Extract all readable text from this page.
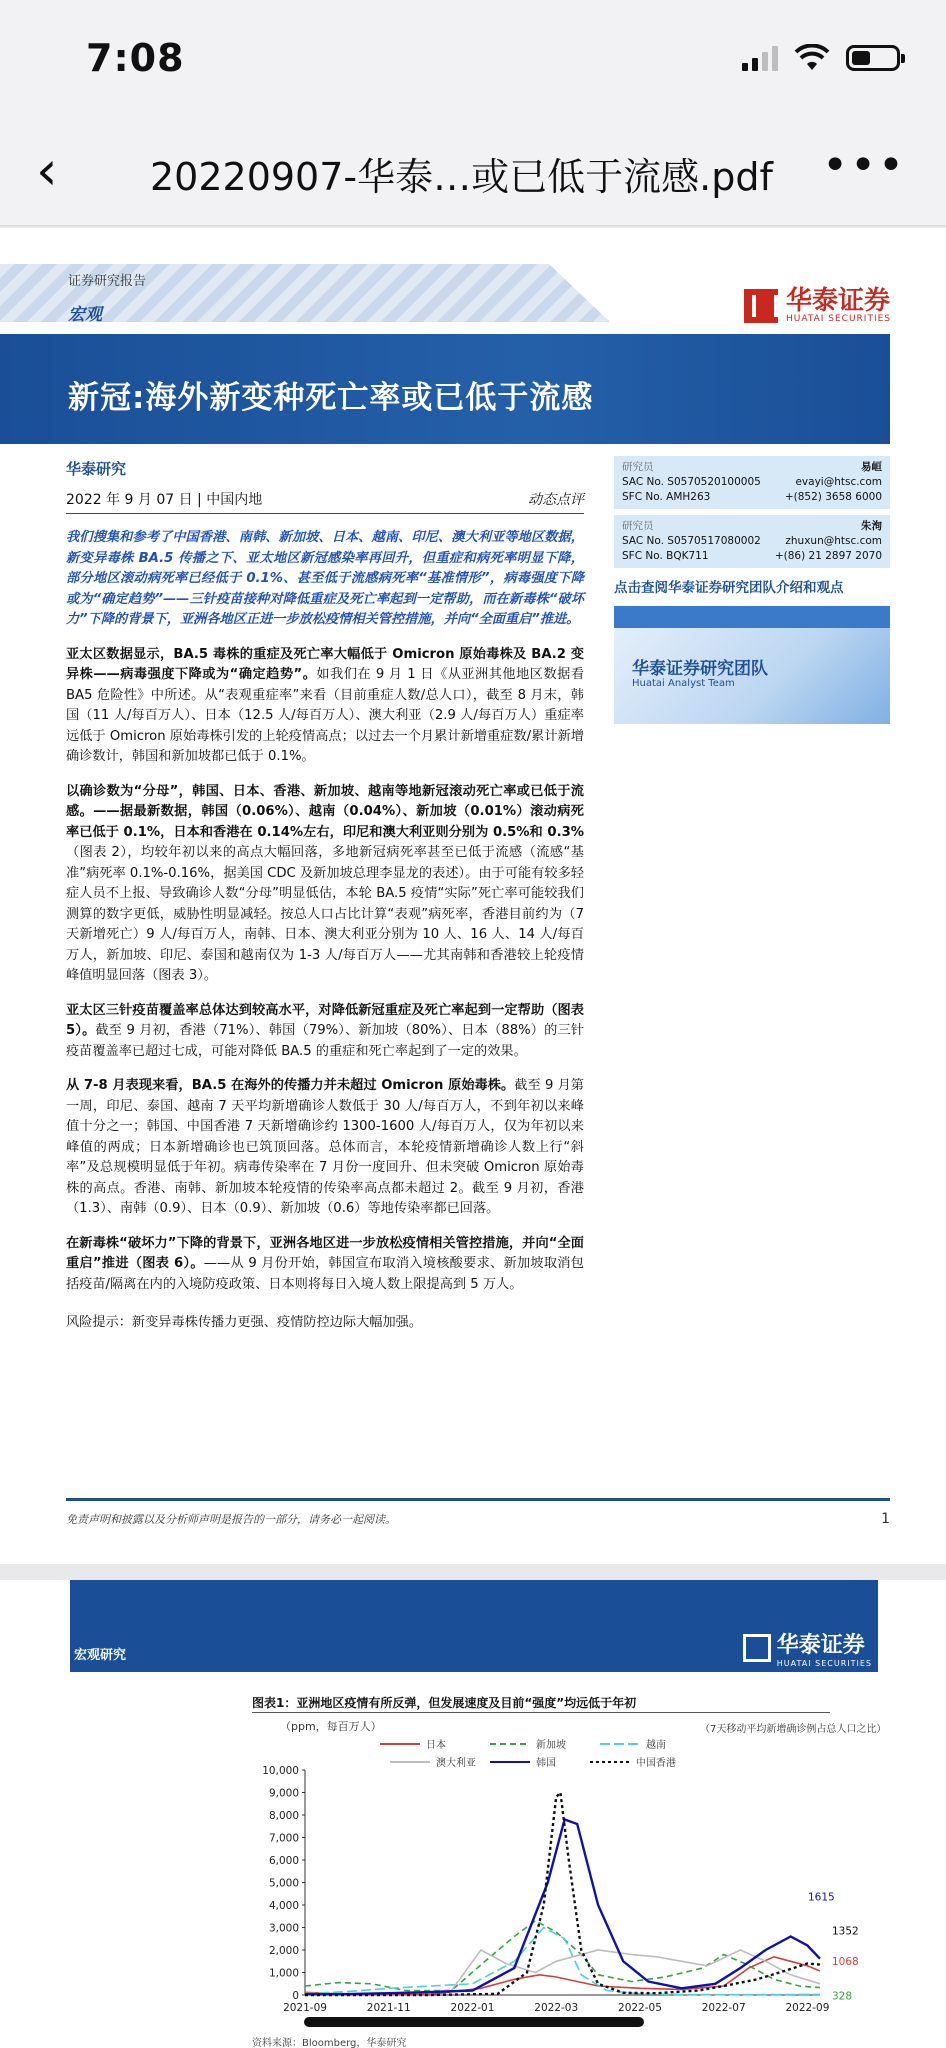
7:08
‹ 20220907-华泰…或已低于流感.pdf	•••
证券研究报告
宏观	华泰证券
HUATAI SECURITIES
新冠:海外新变种死亡率或已低于流感
华泰研究
2022 年 9 月 07 日 | 中国内地	动态点评

我们搜集和参考了中国香港、南韩、新加坡、日本、越南、印尼、澳大利亚等地区数据，新变异毒株 BA.5 传播之下、亚太地区新冠感染率再回升，但重症和病死率明显下降，部分地区滚动病死率已经低于 0.1%、甚至低于流感病死率“基准情形”，病毒强度下降或为“确定趋势”——三针疫苗接种对降低重症及死亡率起到一定帮助，而在新毒株“破坏力”下降的背景下，亚洲各地区正进一步放松疫情相关管控措施，并向“全面重启”推进。

亚太区数据显示，BA.5 毒株的重症及死亡率大幅低于 Omicron 原始毒株及 BA.2 变异株——病毒强度下降或为“确定趋势”。如我们在 9 月 1 日《从亚洲其他地区数据看 BA5 危险性》中所述。从“表观重症率”来看（目前重症人数/总人口），截至 8 月末，韩国（11 人/每百万人）、日本（12.5 人/每百万人）、澳大利亚（2.9 人/每百万人）重症率远低于 Omicron 原始毒株引发的上轮疫情高点；以过去一个月累计新增重症数/累计新增确诊数计，韩国和新加坡都已低于 0.1%。

以确诊数为“分母”，韩国、日本、香港、新加坡、越南等地新冠滚动死亡率或已低于流感。——据最新数据，韩国（0.06%）、越南（0.04%）、新加坡（0.01%）滚动病死率已低于 0.1%，日本和香港在 0.14%左右，印尼和澳大利亚则分别为 0.5%和 0.3%（图表 2），均较年初以来的高点大幅回落，多地新冠病死率甚至已低于流感（流感“基准”病死率 0.1%-0.16%，据美国 CDC 及新加坡总理李显龙的表述）。由于可能有较多轻症人员不上报、导致确诊人数“分母”明显低估，本轮 BA.5 疫情“实际”死亡率可能较我们测算的数字更低，威胁性明显减轻。按总人口占比计算“表观”病死率，香港目前约为（7 天新增死亡）9 人/每百万人，南韩、日本、澳大利亚分别为 10 人、16 人、14 人/每百万人，新加坡、印尼、泰国和越南仅为 1-3 人/每百万人——尤其南韩和香港较上轮疫情峰值明显回落（图表 3）。

亚太区三针疫苗覆盖率总体达到较高水平，对降低新冠重症及死亡率起到一定帮助（图表 5）。截至 9 月初，香港（71%）、韩国（79%）、新加坡（80%）、日本（88%）的三针疫苗覆盖率已超过七成，可能对降低 BA.5 的重症和死亡率起到了一定的效果。

从 7-8 月表现来看，BA.5 在海外的传播力并未超过 Omicron 原始毒株。截至 9 月第一周，印尼、泰国、越南 7 天平均新增确诊人数低于 30 人/每百万人，不到年初以来峰值十分之一；韩国、中国香港 7 天新增确诊约 1300-1600 人/每百万人，仅为年初以来峰值的两成；日本新增确诊也已筑顶回落。总体而言，本轮疫情新增确诊人数上行“斜率”及总规模明显低于年初。病毒传染率在 7 月份一度回升、但未突破 Omicron 原始毒株的高点。香港、南韩、新加坡本轮疫情的传染率高点都未超过 2。截至 9 月初，香港（1.3）、南韩（0.9）、日本（0.9）、新加坡（0.6）等地传染率都已回落。

在新毒株“破坏力”下降的背景下，亚洲各地区进一步放松疫情相关管控措施，并向“全面重启”推进（图表 6）。——从 9 月份开始，韩国宣布取消入境核酸要求、新加坡取消包括疫苗/隔离在内的入境防疫政策、日本则将每日入境人数上限提高到 5 万人。

风险提示：新变异毒株传播力更强、疫情防控边际大幅加强。

研究员	易峘
SAC No. S0570520100005	evayi@htsc.com
SFC No. AMH263	+(852) 3658 6000
研究员	朱洵
SAC No. S0570517080002 zhuxun@htsc.com
SFC No. BQK711	+(86) 21 2897 2070
点击查阅华泰证券研究团队介绍和观点
华泰证券研究团队
Huatai Analyst Team
免责声明和披露以及分析师声明是报告的一部分，请务必一起阅读。	1
宏观研究	华泰证券
HUATAI SECURITIES
图表1：亚洲地区疫情有所反弹，但发展速度及目前“强度”均远低于年初
（ppm，每百万人）	（7天移动平均新增确诊例占总人口之比）
10,000
9,000
8,000
7,000
6,000
5,000
4,000
3,000
2,000
1,000
0
2021-09	2021-11	2022-01	2022-03	2022-05	2022-07	2022-09
日本	新加坡	越南
澳大利亚	韩国	中国香港
1068
328
1615
1352
资料来源：Bloomberg，华泰研究
